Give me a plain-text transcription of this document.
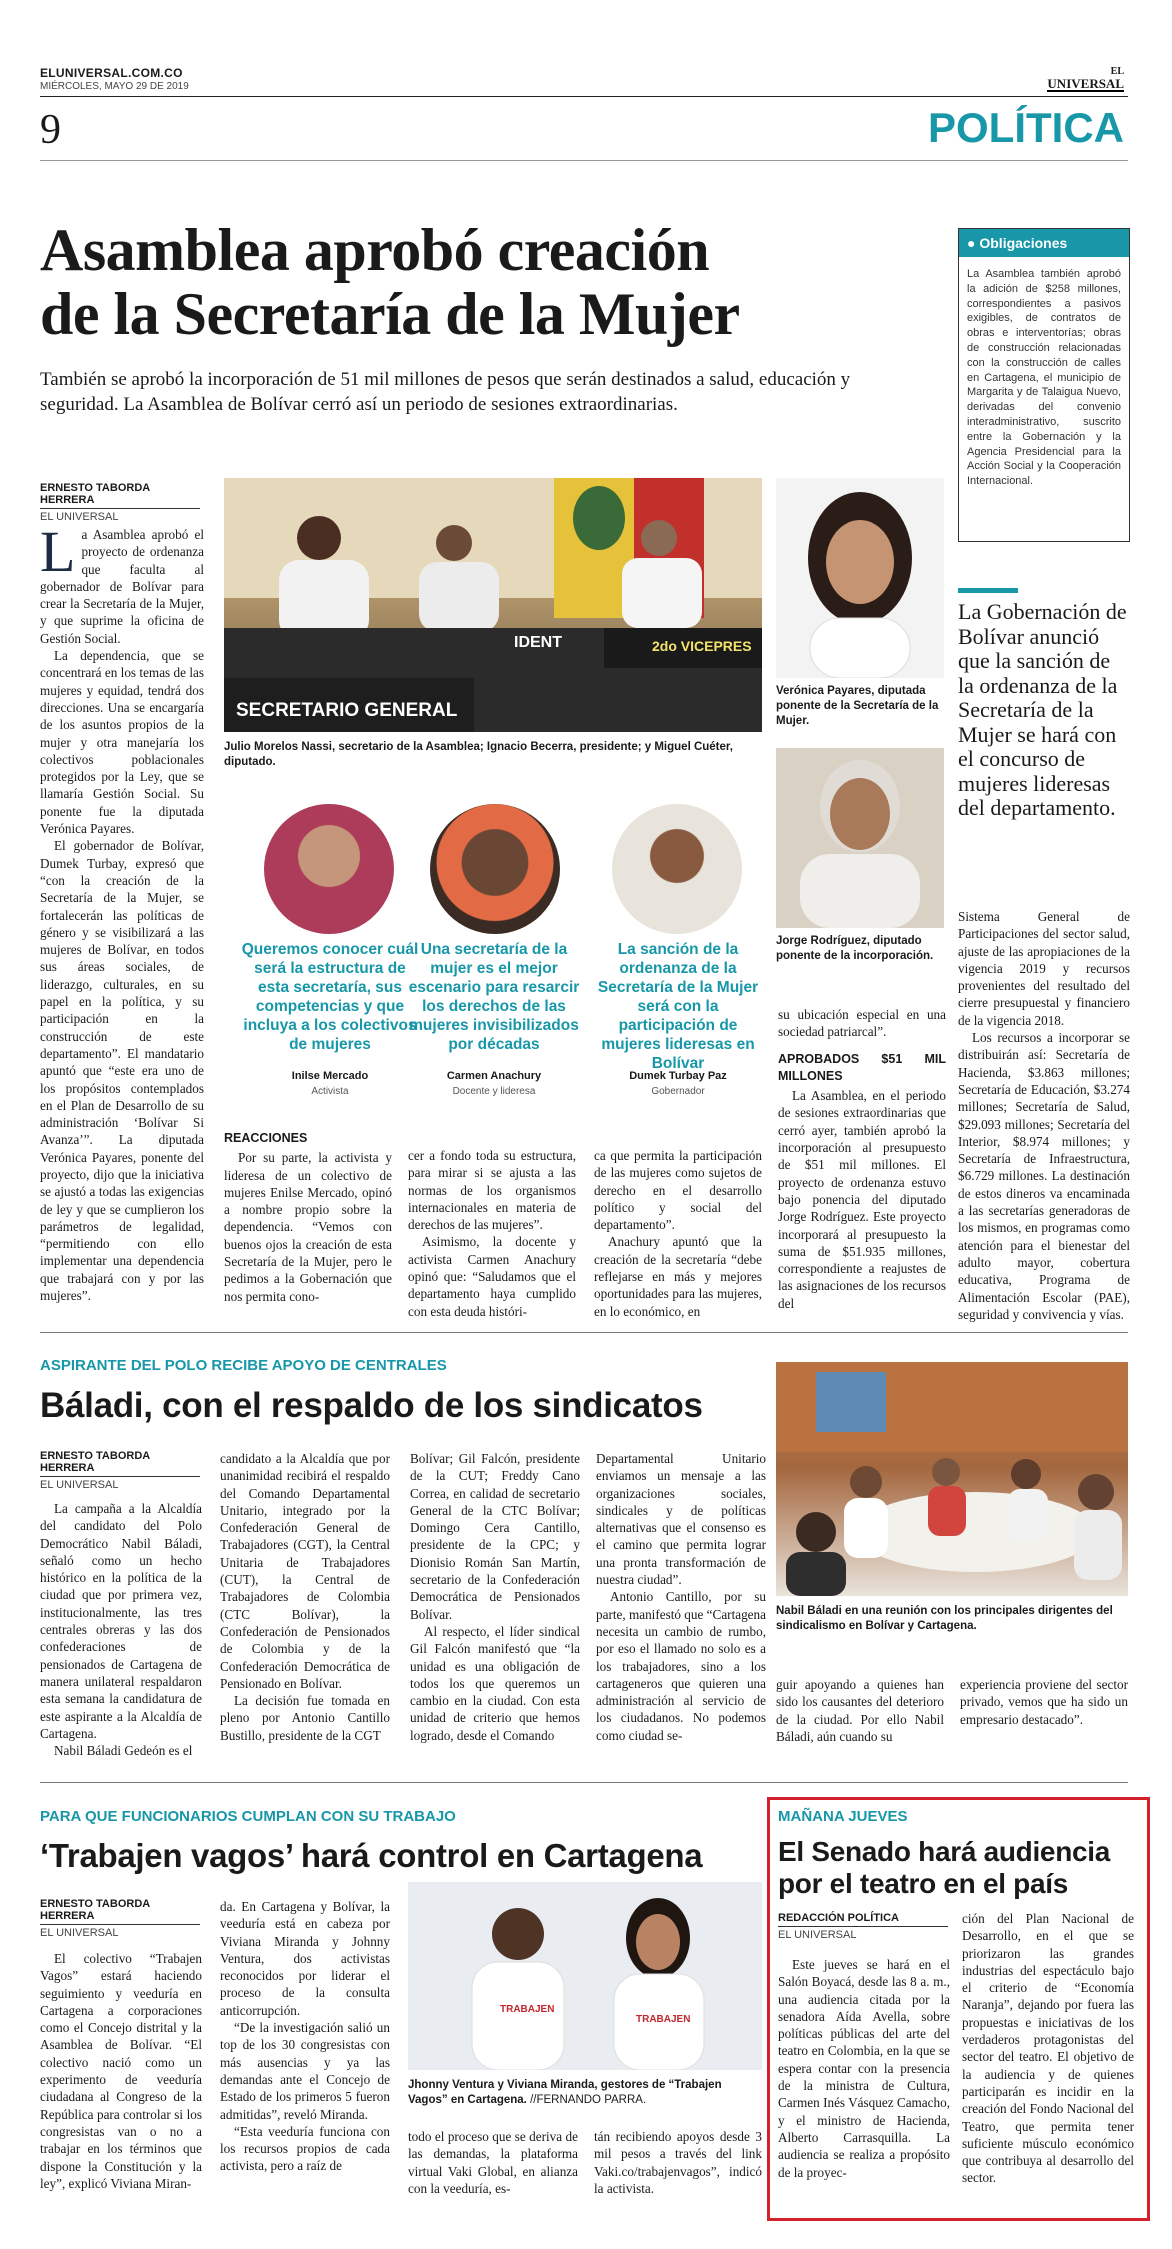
ELUNIVERSAL.COM.CO
MIÉRCOLES, MAYO 29 DE 2019
EL
UNIVERSAL
9	POLÍTICA
Asamblea aprobó creación
de la Secretaría de la Mujer
También se aprobó la incorporación de 51 mil millones de pesos que serán destinados a salud, educación y seguridad. La Asamblea de Bolívar cerró así un periodo de sesiones extraordinarias.
ERNESTO TABORDA HERRERA
EL UNIVERSAL
L a Asamblea aprobó el proyecto de ordenanza que faculta al gobernador de Bolívar para crear la Secretaría de la Mujer, y que suprime la oficina de Gestión Social.

La dependencia, que se concentrará en los temas de las mujeres y equidad, tendrá dos direcciones. Una se encargaría de los asuntos propios de la mujer y otra manejaría los colectivos poblacionales protegidos por la Ley, que se llamaría Gestión Social. Su ponente fue la diputada Verónica Payares.

El gobernador de Bolívar, Dumek Turbay, expresó que “con la creación de la Secretaría de la Mujer, se fortalecerán las políticas de género y se visibilizará a las mujeres de Bolívar, en todos sus áreas sociales, de liderazgo, culturales, en su papel en la política, y su participación en la construcción de este departamento”. El mandatario apuntó que “este era uno de los propósitos contemplados en el Plan de Desarrollo de su administración ‘Bolívar Si Avanza’”. La diputada Verónica Payares, ponente del proyecto, dijo que la iniciativa se ajustó a todas las exigencias de ley y que se cumplieron los parámetros de legalidad, “permitiendo con ello implementar una dependencia que trabajará con y por las mujeres”.

SECRETARIO GENERAL
2do VICEPRES
IDENT
Julio Morelos Nassi, secretario de la Asamblea; Ignacio Becerra, presidente; y Miguel Cuéter, diputado.
Queremos conocer cuál será la estructura de esta secretaría, sus competencias y que incluya a los colectivos de mujeres
Inilse Mercado
Activista
Una secretaría de la mujer es el mejor escenario para resarcir los derechos de las mujeres invisibilizados por décadas
Carmen Anachury
Docente y lideresa
La sanción de la ordenanza de la Secretaría de la Mujer será con la participación de mujeres lideresas en Bolívar
Dumek Turbay Paz
Gobernador
REACCIONES

Por su parte, la activista y lideresa de un colectivo de mujeres Enilse Mercado, opinó a nombre propio sobre la dependencia. “Vemos con buenos ojos la creación de esta Secretaría de la Mujer, pero le pedimos a la Gobernación que nos permita cono-

cer a fondo toda su estructura, para mirar si se ajusta a las normas de los organismos internacionales en materia de derechos de las mujeres”.

Asimismo, la docente y activista Carmen Anachury opinó que: “Saludamos que el departamento haya cumplido con esta deuda históri-

ca que permita la participación de las mujeres como sujetos de derecho en el desarrollo político y social del departamento”.

Anachury apuntó que la creación de la secretaría “debe reflejarse en más y mejores oportunidades para las mujeres, en lo económico, en

Verónica Payares, diputada ponente de la Secretaría de la Mujer.
Jorge Rodríguez, diputado ponente de la incorporación.

su ubicación especial en una sociedad patriarcal”.

APROBADOS $51 MIL MILLONES

La Asamblea, en el periodo de sesiones extraordinarias que cerró ayer, también aprobó la incorporación al presupuesto de $51 mil millones. El proyecto de ordenanza estuvo bajo ponencia del diputado Jorge Rodríguez. Este proyecto incorporará al presupuesto la suma de $51.935 millones, correspondiente a reajustes de las asignaciones de los recursos del

● Obligaciones
La Asamblea también aprobó la adición de $258 millones, correspondientes a pasivos exigibles, de contratos de obras e interventorías; obras de construcción relacionadas con la construcción de calles en Cartagena, el municipio de Margarita y de Talaigua Nuevo, derivadas del convenio interadministrativo, suscrito entre la Gobernación y la Agencia Presidencial para la Acción Social y la Cooperación Internacional.
La Gobernación de Bolívar anunció que la sanción de la ordenanza de la Secretaría de la Mujer se hará con el concurso de mujeres lideresas del departamento.

Sistema General de Participaciones del sector salud, ajuste de las apropiaciones de la vigencia 2019 y recursos provenientes del resultado del cierre presupuestal y financiero de la vigencia 2018.

Los recursos a incorporar se distribuirán así: Secretaría de Hacienda, $3.863 millones; Secretaría de Educación, $3.274 millones; Secretaría de Salud, $29.093 millones; Secretaría del Interior, $8.974 millones; y Secretaría de Infraestructura, $6.729 millones. La destinación de estos dineros va encaminada a las secretarías generadoras de los mismos, en programas como atención para el bienestar del adulto mayor, cobertura educativa, Programa de Alimentación Escolar (PAE), seguridad y convivencia y vías.

ASPIRANTE DEL POLO RECIBE APOYO DE CENTRALES
Báladi, con el respaldo de los sindicatos
ERNESTO TABORDA HERRERA
EL UNIVERSAL

La campaña a la Alcaldía del candidato del Polo Democrático Nabil Báladi, señaló como un hecho histórico en la política de la ciudad que por primera vez, institucionalmente, las tres centrales obreras y las dos confederaciones de pensionados de Cartagena de manera unilateral respaldaron esta semana la candidatura de este aspirante a la Alcaldía de Cartagena.

Nabil Báladi Gedeón es el

candidato a la Alcaldía que por unanimidad recibirá el respaldo del Comando Departamental Unitario, integrado por la Confederación General de Trabajadores (CGT), la Central Unitaria de Trabajadores (CUT), la Central de Trabajadores de Colombia (CTC Bolívar), la Confederación de Pensionados de Colombia y de la Confederación Democrática de Pensionado en Bolívar.

La decisión fue tomada en pleno por Antonio Cantillo Bustillo, presidente de la CGT

Bolívar; Gil Falcón, presidente de la CUT; Freddy Cano Correa, en calidad de secretario General de la CTC Bolívar; Domingo Cera Cantillo, presidente de la CPC; y Dionisio Román San Martín, secretario de la Confederación Democrática de Pensionados Bolívar.

Al respecto, el líder sindical Gil Falcón manifestó que “la unidad es una obligación de todos los que queremos un cambio en la ciudad. Con esta unidad de criterio que hemos logrado, desde el Comando

Departamental Unitario enviamos un mensaje a las organizaciones sociales, sindicales y de políticas alternativas que el consenso es el camino que permita lograr una pronta transformación de nuestra ciudad”.

Antonio Cantillo, por su parte, manifestó que “Cartagena necesita un cambio de rumbo, por eso el llamado no solo es a los trabajadores, sino a los cartageneros que quieren una administración al servicio de los ciudadanos. No podemos como ciudad se-

Nabil Báladi en una reunión con los principales dirigentes del sindicalismo en Bolívar y Cartagena.

guir apoyando a quienes han sido los causantes del deterioro de la ciudad. Por ello Nabil Báladi, aún cuando su

experiencia proviene del sector privado, vemos que ha sido un empresario destacado”.

PARA QUE FUNCIONARIOS CUMPLAN CON SU TRABAJO
‘Trabajen vagos’ hará control en Cartagena
ERNESTO TABORDA HERRERA
EL UNIVERSAL

El colectivo “Trabajen Vagos” estará haciendo seguimiento y veeduría en Cartagena a corporaciones como el Concejo distrital y la Asamblea de Bolívar. “El colectivo nació como un experimento de veeduría ciudadana al Congreso de la República para controlar si los congresistas van o no a trabajar en los términos que dispone la Constitución y la ley”, explicó Viviana Miran-

da. En Cartagena y Bolívar, la veeduría está en cabeza por Viviana Miranda y Johnny Ventura, dos activistas reconocidos por liderar el proceso de la consulta anticorrupción.

“De la investigación salió un top de los 30 congresistas con más ausencias y ya las demandas ante el Concejo de Estado de los primeros 5 fueron admitidas”, reveló Miranda.

“Esta veeduría funciona con los recursos propios de cada activista, pero a raíz de

TRABAJEN
TRABAJEN
Jhonny Ventura y Viviana Miranda, gestores de “Trabajen Vagos” en Cartagena. //FERNANDO PARRA.

todo el proceso que se deriva de las demandas, la plataforma virtual Vaki Global, en alianza con la veeduría, es-

tán recibiendo apoyos desde 3 mil pesos a través del link Vaki.co/trabajenvagos”, indicó la activista.

MAÑANA JUEVES
El Senado hará audiencia por el teatro en el país
REDACCIÓN POLÍTICA
EL UNIVERSAL

Este jueves se hará en el Salón Boyacá, desde las 8 a. m., una audiencia citada por la senadora Aída Avella, sobre políticas públicas del arte del teatro en Colombia, en la que se espera contar con la presencia de la ministra de Cultura, Carmen Inés Vásquez Camacho, y el ministro de Hacienda, Alberto Carrasquilla. La audiencia se realiza a propósito de la proyec-

ción del Plan Nacional de Desarrollo, en el que se priorizaron las grandes industrias del espectáculo bajo el criterio de “Economía Naranja”, dejando por fuera las propuestas e iniciativas de los verdaderos protagonistas del sector del teatro. El objetivo de la audiencia y de quienes participarán es incidir en la creación del Fondo Nacional del Teatro, que permita tener suficiente músculo económico que contribuya al desarrollo del sector.
